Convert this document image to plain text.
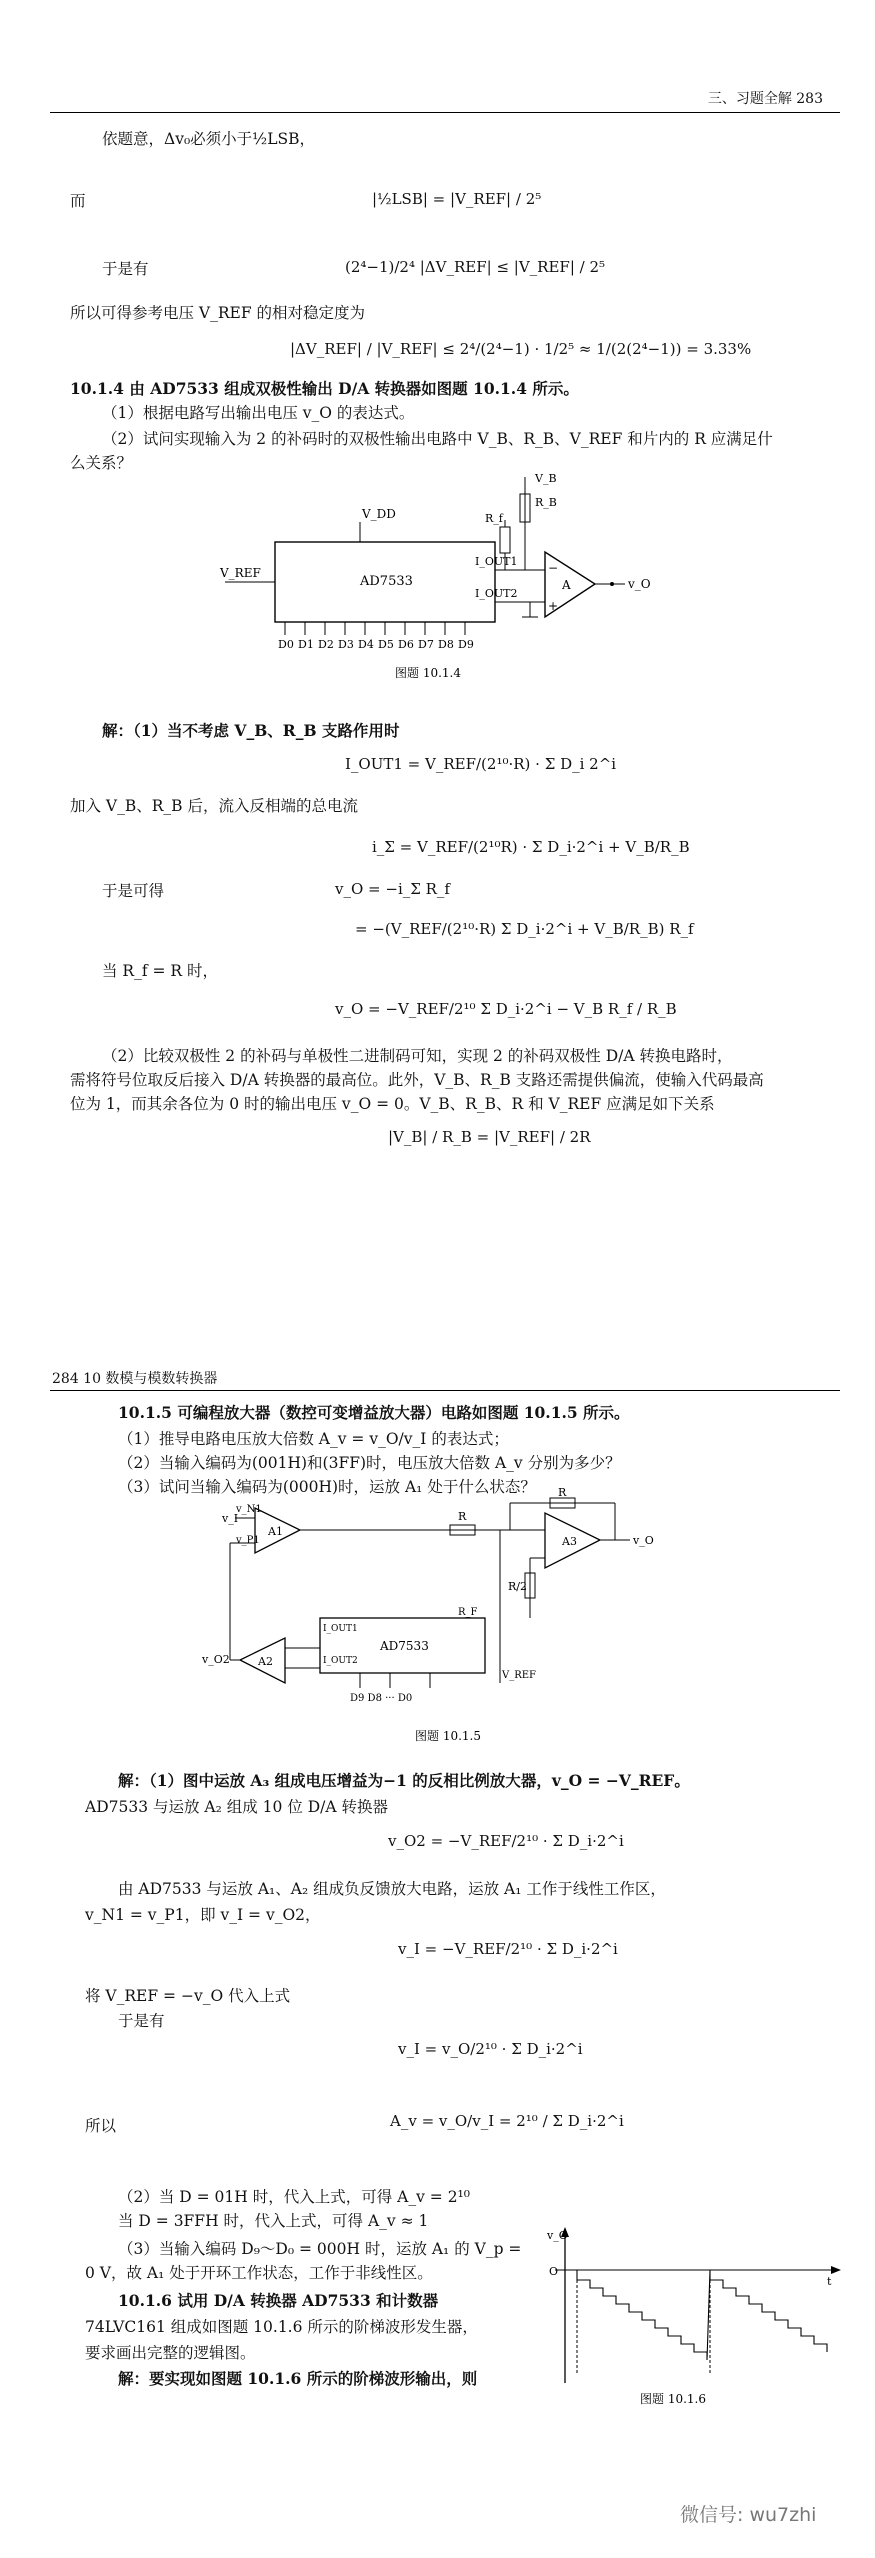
三、习题全解 283
依题意，Δv₀必须小于½LSB，
而	|½LSB| = |V_REF| / 2⁵
于是有	(2⁴−1)/2⁴ |ΔV_REF| ≤ |V_REF| / 2⁵
所以可得参考电压 V_REF 的相对稳定度为
|ΔV_REF| / |V_REF| ≤ 2⁴/(2⁴−1) · 1/2⁵ ≈ 1/(2(2⁴−1)) = 3.33%
10.1.4 由 AD7533 组成双极性输出 D/A 转换器如图题 10.1.4 所示。
（1）根据电路写出输出电压 v_O 的表达式。
（2）试问实现输入为 2 的补码时的双极性输出电路中 V_B、R_B、V_REF 和片内的 R 应满足什
么关系？
AD7533
V_DD
V_REF
I_OUT1
I_OUT2
A
−
+
v_O
R_B
V_B
R_f
D0 D1 D2 D3 D4 D5 D6 D7 D8 D9
图题 10.1.4
解：（1）当不考虑 V_B、R_B 支路作用时
I_OUT1 = V_REF/(2¹⁰·R) · Σ D_i 2^i
加入 V_B、R_B 后，流入反相端的总电流
i_Σ = V_REF/(2¹⁰R) · Σ D_i·2^i + V_B/R_B
于是可得	v_O = −i_Σ R_f
= −(V_REF/(2¹⁰·R) Σ D_i·2^i + V_B/R_B) R_f
当 R_f = R 时，
v_O = −V_REF/2¹⁰ Σ D_i·2^i − V_B R_f / R_B
（2）比较双极性 2 的补码与单极性二进制码可知，实现 2 的补码双极性 D/A 转换电路时，
需将符号位取反后接入 D/A 转换器的最高位。此外，V_B、R_B 支路还需提供偏流，使输入代码最高
位为 1，而其余各位为 0 时的输出电压 v_O = 0。V_B、R_B、R 和 V_REF 应满足如下关系
|V_B| / R_B = |V_REF| / 2R
284 10 数模与模数转换器
10.1.5 可编程放大器（数控可变增益放大器）电路如图题 10.1.5 所示。
（1）推导电路电压放大倍数 A_v = v_O/v_I 的表达式；
（2）当输入编码为(001H)和(3FF)时，电压放大倍数 A_v 分别为多少？
（3）试问当输入编码为(000H)时，运放 A₁ 处于什么状态？
v_I
v_N1
v_P1
A1
R
A3	v_O
R
R/2
AD7533
I_OUT1
I_OUT2
R_F
V_REF
A2
v_O2
D9 D8 ··· D0
图题 10.1.5
解：（1）图中运放 A₃ 组成电压增益为−1 的反相比例放大器，v_O = −V_REF。
AD7533 与运放 A₂ 组成 10 位 D/A 转换器
v_O2 = −V_REF/2¹⁰ · Σ D_i·2^i
由 AD7533 与运放 A₁、A₂ 组成负反馈放大电路，运放 A₁ 工作于线性工作区，
v_N1 = v_P1，即 v_I = v_O2，
v_I = −V_REF/2¹⁰ · Σ D_i·2^i
将 V_REF = −v_O 代入上式
于是有
v_I = v_O/2¹⁰ · Σ D_i·2^i
所以	A_v = v_O/v_I = 2¹⁰ / Σ D_i·2^i
（2）当 D = 01H 时，代入上式，可得 A_v = 2¹⁰
当 D = 3FFH 时，代入上式，可得 A_v ≈ 1
（3）当输入编码 D₉～D₀ = 000H 时，运放 A₁ 的 V_p =
0 V，故 A₁ 处于开环工作状态，工作于非线性区。
10.1.6 试用 D/A 转换器 AD7533 和计数器
74LVC161 组成如图题 10.1.6 所示的阶梯波形发生器，
要求画出完整的逻辑图。
解：要实现如图题 10.1.6 所示的阶梯波形输出，则
v_O
O
t
图题 10.1.6
微信号: wu7zhi
